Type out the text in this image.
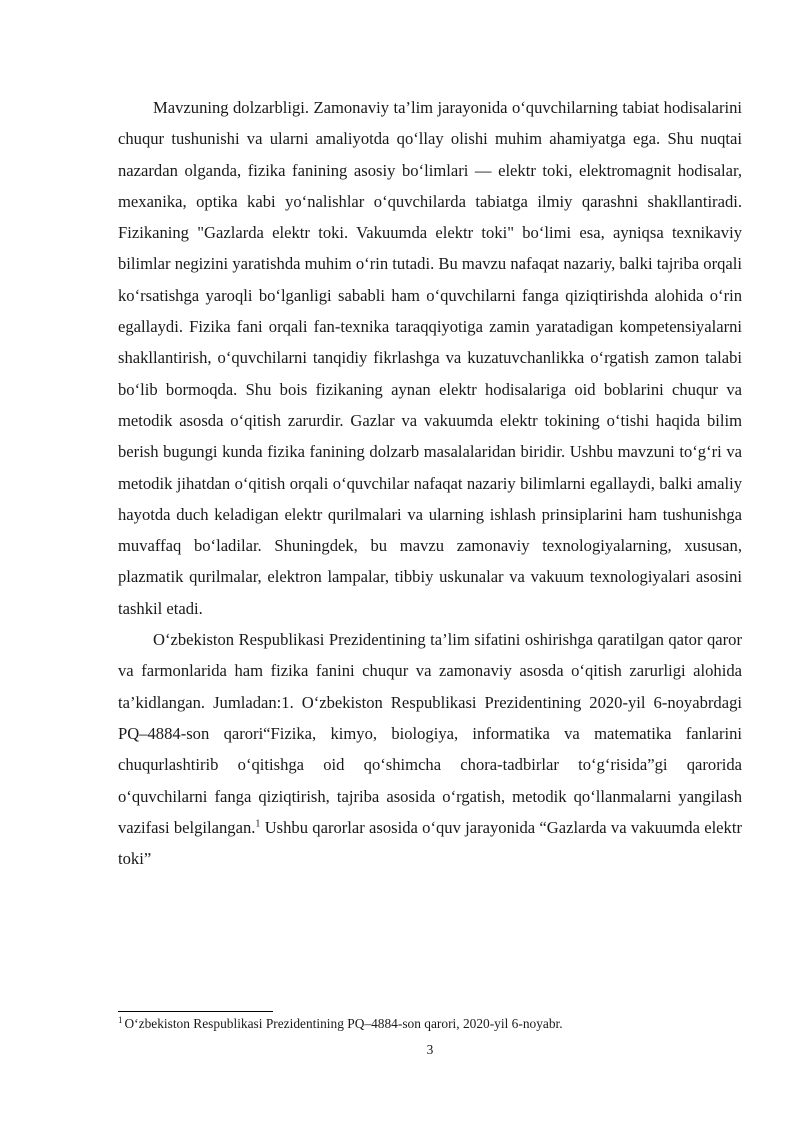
Mavzuning dolzarbligi. Zamonaviy ta’lim jarayonida o‘quvchilarning tabiat hodisalarini chuqur tushunishi va ularni amaliyotda qo‘llay olishi muhim ahamiyatga ega. Shu nuqtai nazardan olganda, fizika fanining asosiy bo‘limlari — elektr toki, elektromagnit hodisalar, mexanika, optika kabi yo‘nalishlar o‘quvchilarda tabiatga ilmiy qarashni shakllantiradi. Fizikaning "Gazlarda elektr toki. Vakuumda elektr toki" bo‘limi esa, ayniqsa texnikaviy bilimlar negizini yaratishda muhim o‘rin tutadi. Bu mavzu nafaqat nazariy, balki tajriba orqali ko‘rsatishga yaroqli bo‘lganligi sababli ham o‘quvchilarni fanga qiziqtirishda alohida o‘rin egallaydi. Fizika fani orqali fan-texnika taraqqiyotiga zamin yaratadigan kompetensiyalarni shakllantirish, o‘quvchilarni tanqidiy fikrlashga va kuzatuvchanlikka o‘rgatish zamon talabi bo‘lib bormoqda. Shu bois fizikaning aynan elektr hodisalariga oid boblarini chuqur va metodik asosda o‘qitish zarurdir. Gazlar va vakuumda elektr tokining o‘tishi haqida bilim berish bugungi kunda fizika fanining dolzarb masalalaridan biridir. Ushbu mavzuni to‘g‘ri va metodik jihatdan o‘qitish orqali o‘quvchilar nafaqat nazariy bilimlarni egallaydi, balki amaliy hayotda duch keladigan elektr qurilmalari va ularning ishlash prinsiplarini ham tushunishga muvaffaq bo‘ladilar. Shuningdek, bu mavzu zamonaviy texnologiyalarning, xususan, plazmatik qurilmalar, elektron lampalar, tibbiy uskunalar va vakuum texnologiyalari asosini tashkil etadi.

O‘zbekiston Respublikasi Prezidentining ta’lim sifatini oshirishga qaratilgan qator qaror va farmonlarida ham fizika fanini chuqur va zamonaviy asosda o‘qitish zarurligi alohida ta’kidlangan. Jumladan:1. O‘zbekiston Respublikasi Prezidentining 2020-yil 6-noyabrdagi PQ–4884-son qarori“Fizika, kimyo, biologiya, informatika va matematika fanlarini chuqurlashtirib o‘qitishga oid qo‘shimcha chora-tadbirlar to‘g‘risida”gi qarorida o‘quvchilarni fanga qiziqtirish, tajriba asosida o‘rgatish, metodik qo‘llanmalarni yangilash vazifasi belgilangan.$^1$ Ushbu qarorlar asosida o‘quv jarayonida “Gazlarda va vakuumda elektr toki”

$^1$ O‘zbekiston Respublikasi Prezidentining PQ–4884-son qarori, 2020-yil 6-noyabr.

3
